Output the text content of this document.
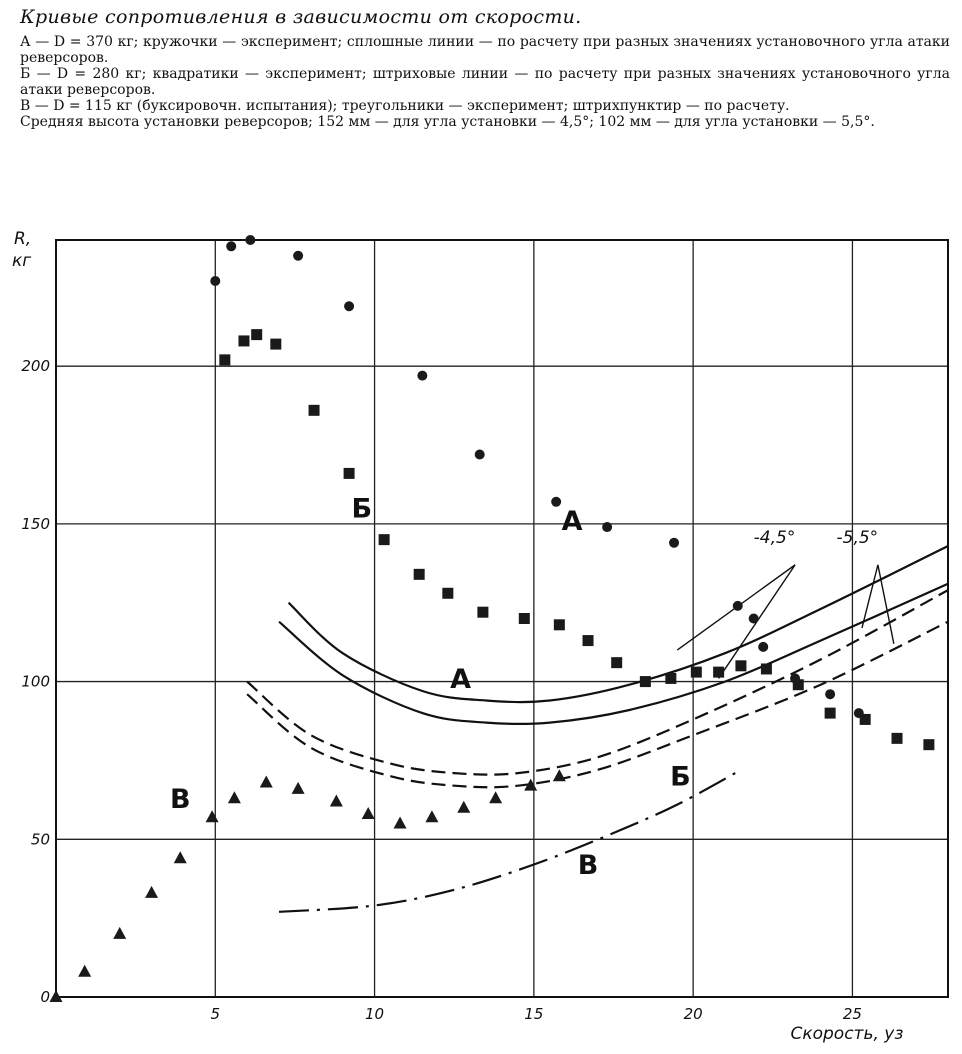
Кривые сопротивления в зависимости от скорости.

А — D = 370 кг; кружочки — эксперимент; сплошные линии — по расчету при разных значениях установочного угла атаки реверсоров.

Б — D = 280 кг; квадратики — эксперимент; штриховые линии — по расчету при разных значениях установочного угла атаки реверсоров.

В — D = 115 кг (буксировочн. испытания); треугольники — эксперимент; штрихпунктир — по расчету.

Средняя высота установки реверсоров; 152 мм — для угла установки — 4,5°; 102 мм — для угла установки — 5,5°.

5	10	15	20	25
0
50
100
150
200
А
Б
А
Б
В
В
-4,5° -5,5°
R,
кг
Скорость, уз
